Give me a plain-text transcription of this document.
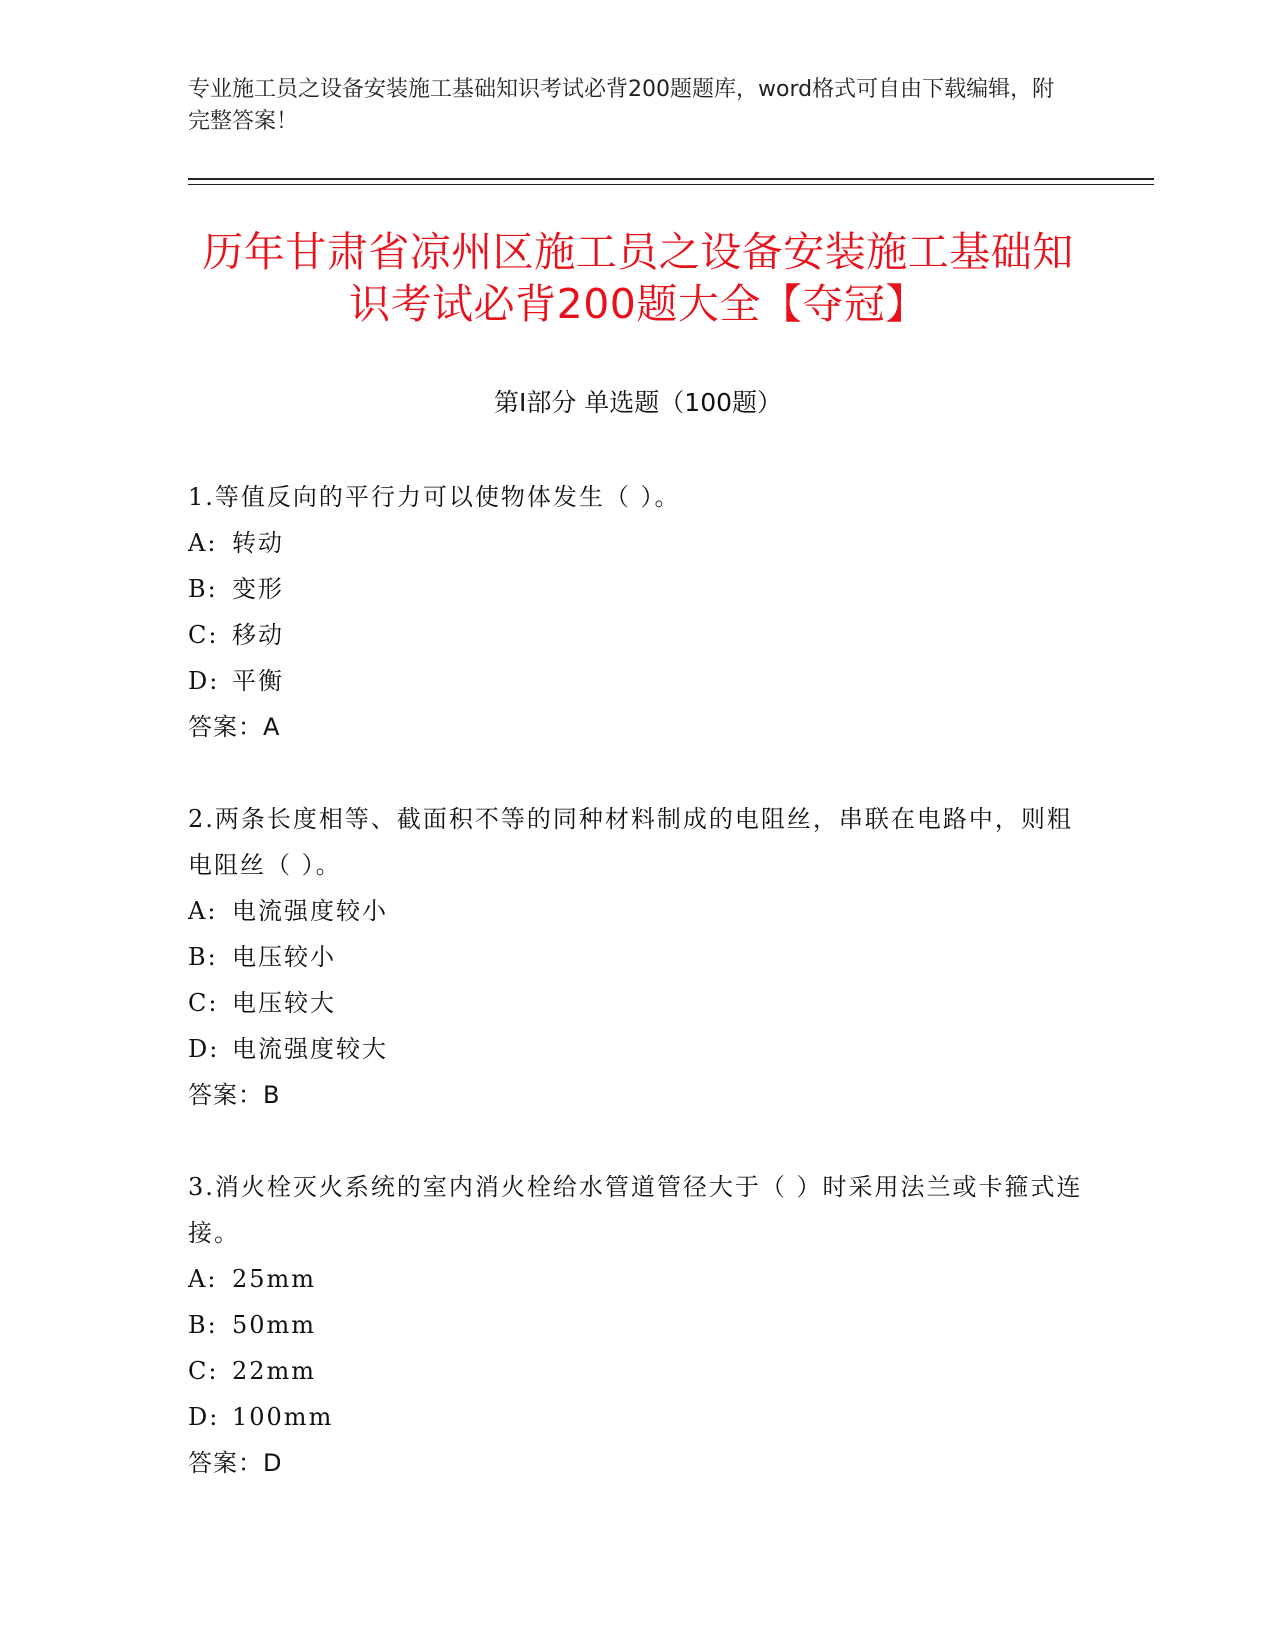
专业施工员之设备安装施工基础知识考试必背200题题库，word格式可自由下载编辑，附完整答案！
历年甘肃省凉州区施工员之设备安装施工基础知识考试必背200题大全【夺冠】
第Ⅰ部分 单选题（100题）

1.等值反向的平行力可以使物体发生（ ）。

A: 转动

B: 变形

C: 移动

D: 平衡

答案：A

2.两条长度相等、截面积不等的同种材料制成的电阻丝，串联在电路中，则粗电阻丝（ ）。

A: 电流强度较小

B: 电压较小

C: 电压较大

D: 电流强度较大

答案：B

3.消火栓灭火系统的室内消火栓给水管道管径大于（ ）时采用法兰或卡箍式连接。

A: 25mm

B: 50mm

C: 22mm

D: 100mm

答案：D
